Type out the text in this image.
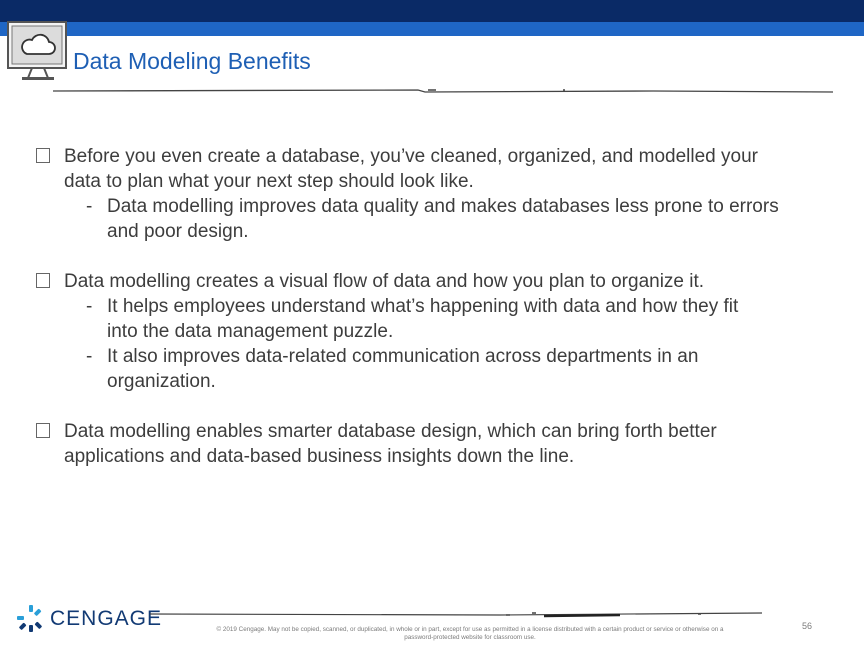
Data Modeling Benefits
Before you even create a database, you’ve cleaned, organized, and modelled your
data to plan what your next step should look like.
- Data modelling improves data quality and makes databases less prone to errors
and poor design.
Data modelling creates a visual flow of data and how you plan to organize it.
- It helps employees understand what’s happening with data and how they fit
into the data management puzzle.
- It also improves data-related communication across departments in an
organization.
Data modelling enables smarter database design, which can bring forth better
applications and data-based business insights down the line.
CENGAGE	© 2019 Cengage. May not be copied, scanned, or duplicated, in whole or in part, except for use as permitted in a license distributed with a certain product or service or otherwise on a
password-protected website for classroom use.
56
